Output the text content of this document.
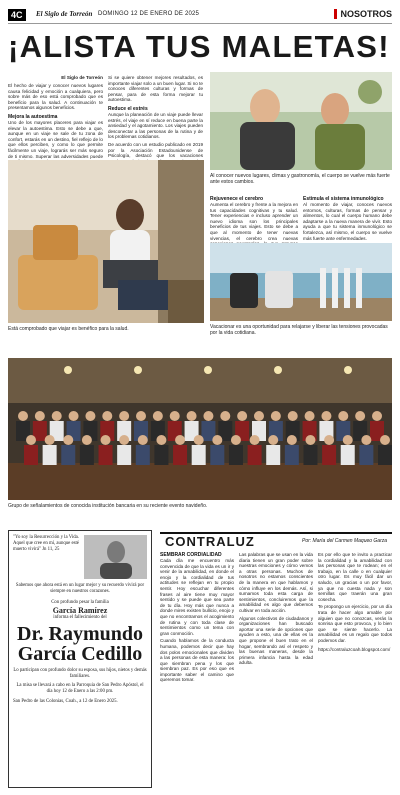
4C	El Siglo de Torreón DOMINGO 12 DE ENERO DE 2025	NOSOTROS
¡ALISTA TUS MALETAS!
El Siglo de Torreón

El hecho de viajar y conocer nuevos lugares causa felicidad y emoción a cualquiera, pero sobre más de eso está comprobado que es beneficio para la salud. A continuación te presentamos algunos beneficios.

Mejora la autoestima

Uno de los mayores placeres para viajar es elevar la autoestima. Esto se debe a que, aunque en un viaje se sale de tu zona de confort, estarás en un destino, fiel reflejo de lo que ellos perciben, y como lo que permite fácilmente un viaje, lograrás ser más seguro de ti mismo. Superar las adversidades puede

Si se quiere obtener mejores resultados, es importante viajar solo a un buen lugar. Si no te conoces diferentes culturas y formas de pensar, para de esta forma mejorar tu autoestima.

Reduce el estrés

Aunque la planeación de un viaje puede llevar estrés, el viaje en sí reduce en buena parte la ansiedad y el agotamiento. Los viajes pueden desconectar a las personas de la rutina y de los problemas cotidianos.

De acuerdo con un estudio publicado en 2019 por la Asociación Estadounidense de Psicología, destacó que los vacaciones

Está comprobado que viajar es benéfico para la salud.
Al conocer nuevos lugares, climas y gastronomía, el cuerpo se vuelve más fuerte ante estos cambios.
Rejuvenece el cerebro

Aumenta el cerebro y frente a la mejora en tus capacidades cognitivas y tu salud. Tener experiencias e incluso aprender un nuevo idioma son los principales beneficios de tus viajes. Esto se debe a que al momento de tener nuevas vivencias, el cerebro crea nuevas

Estimula el sistema inmunológico

Al momento de viajar, conoces nuevos entornos, culturas, formas de pensar y alimentos, lo cual el cuerpo humano debe adaptarse a la nueva manera de vivir. Esto ayuda a que tu sistema inmunológico se fortalezca, así mismo, el cuerpo se vuelve más fuerte ante enfermedades.

Vacacionar es una oportunidad para relajarse y liberar las tensiones provocadas por la vida cotidiana.
Grupo de señalamientos de conocida institución bancaria en su reciente evento navideño.
"Yo soy la Resurrección y la Vida. Aquel que cree en mí, aunque esté muerto vivirá" Jn 11, 25
Sabemos que ahora está en un lugar mejor y su recuerdo vivirá por siempre en nuestros corazones.
Con profundo pesar la familia
García Ramírez
informa el fallecimiento del
Dr. Raymundo García Cedillo
Lo participan con profundo dolor su esposa, sus hijos, nietos y demás familiares.
La misa se llevará a cabo en la Parroquia de San Pedro Apóstol, el día hoy 12 de Enero a las 2:00 pm.
San Pedro de las Colonias, Coah., a 12 de Enero 2025.
CONTRALUZ	Por: María del Carmen Maqueo Garza
SEMBRAR CORDIALIDAD

Cada día me encuentro más convencida de que la vida es un ir y venir de la amabilidad, en donde el enojo y la cordialidad de tus actitudes se reflejan en tu propio sentir. Hoy escuchar diferentes frases al aire tiene muy mayor sentido y se puede que sea parte de tu día. Hoy más que nunca a donde mires existen bullicio, enojo y que no encontramos el acogimiento de rutina y con toda clase de sentimientos como un tema con gran conmoción.

Cuando hablamos de la conducta humana, podemos decir que hay dos polos emocionales que dividen a las personas de esta manera: los que siembran pena y los que siembran paz. Es por eso que es importante saber el camino que queremos tomar.

Las palabras que se usan en la vida diaria tienen un gran poder sobre nuestras emociones y cómo vemos a otras personas. Muchos de nosotros no estamos conscientes de la manera en que hablamos y cómo influye en los demás. Así, si sumamos toda esta carga de sentimientos, concluiremos que la amabilidad es algo que debemos cultivar en toda acción.

Algunos colectivos de ciudadanos y organizaciones han buscado aportar una serie de opciones que ayuden a esto, una de ellas es la que propone el buen trato en el hogar, sembrando así el respeto y las buenas maneras, desde la primera infancia hasta la edad adulta.

Es por ello que te invito a practicar la cordialidad y la amabilidad con las personas que te rodean; en el trabajo, en la calle o en cualquier otro lugar. Es muy fácil dar un saludo, un gracias o un por favor, ya que no cuesta nada y son semillas que traerán una gran cosecha.

Te propongo un ejercicio, por un día trata de hacer algo amable por alguien que no conozcas, verás la sonrisa que esto provoca, y lo bien que se siente hacerlo. La amabilidad es un regalo que todos podemos dar.

https://contraluzcoah.blogspot.com/
